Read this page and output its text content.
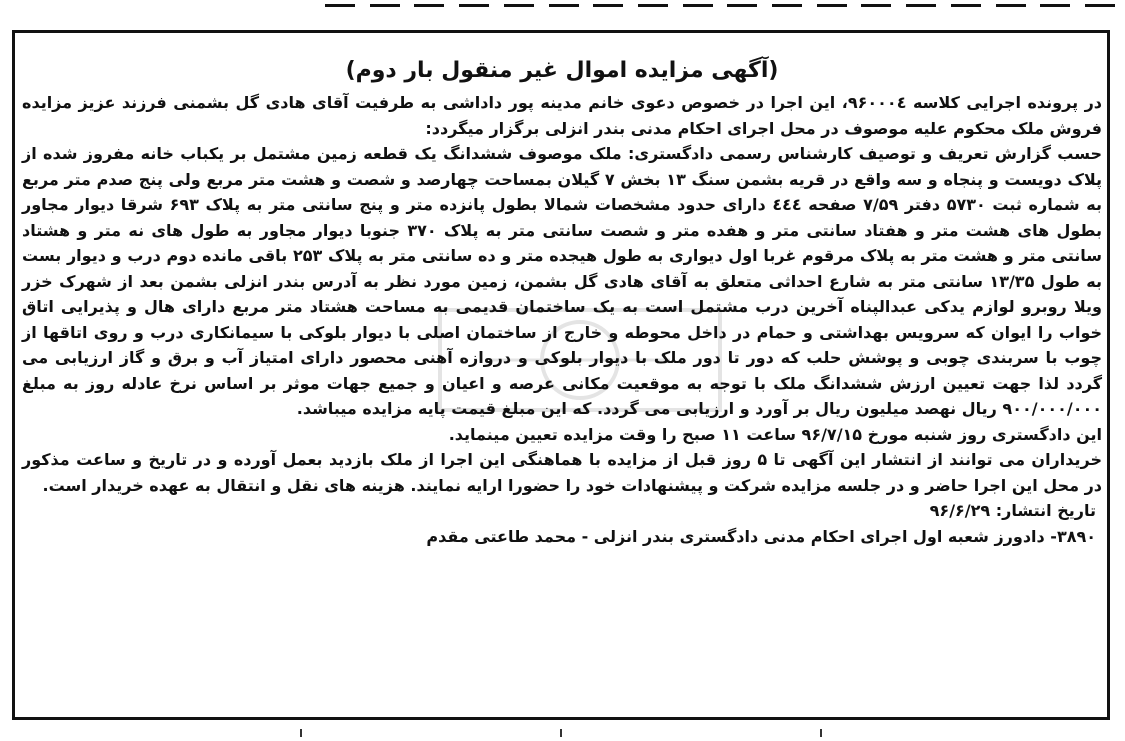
(آگهی مزایده اموال غیر منقول بار دوم)

در پرونده اجرایی کلاسه ۹۶۰۰۰٤، این اجرا در خصوص دعوی خانم مدینه پور داداشی به طرفیت آقای هادی گل بشمنی فرزند عزیز مزایده فروش ملک محکوم علیه موصوف در محل اجرای احکام مدنی بندر انزلی برگزار میگردد:

حسب گزارش تعریف و توصیف کارشناس رسمی دادگستری: ملک موصوف ششدانگ یک قطعه زمین مشتمل بر یکباب خانه مفروز شده از پلاک دویست و پنجاه و سه واقع در قریه بشمن سنگ ۱۳ بخش ۷ گیلان بمساحت چهارصد و شصت و هشت متر مربع ولی پنج صدم متر مربع به شماره ثبت ۵۷۳۰ دفتر ۷/۵۹ صفحه ٤٤٤ دارای حدود مشخصات شمالا بطول پانزده متر و پنج سانتی متر به پلاک ۶۹۳ شرقا دیوار مجاور بطول های هشت متر و هفتاد سانتی متر و هفده متر و شصت سانتی متر به پلاک ۳۷۰ جنوبا دیوار مجاور به طول های نه متر و هشتاد سانتی متر و هشت متر به پلاک مرقوم غربا اول دیواری به طول هیجده متر و ده سانتی متر به پلاک ۲۵۳ باقی مانده دوم درب و دیوار بست به طول ۱۳/۳۵ سانتی متر به شارع احداثی متعلق به آقای هادی گل بشمن، زمین مورد نظر به آدرس بندر انزلی بشمن بعد از شهرک خزر ویلا روبرو لوازم یدکی عبدالپناه آخرین درب مشتمل است به یک ساختمان قدیمی به مساحت هشتاد متر مربع دارای هال و پذیرایی اتاق خواب را ایوان که سرویس بهداشتی و حمام در داخل محوطه و خارج از ساختمان اصلی با دیوار بلوکی با سیمانکاری درب و روی اتاقها از چوب با سربندی چوبی و پوشش حلب که دور تا دور ملک با دیوار بلوکی و دروازه آهنی محصور دارای امتیاز آب و برق و گاز ارزیابی می گردد لذا جهت تعیین ارزش ششدانگ ملک با توجه به موقعیت مکانی عرصه و اعیان و جمیع جهات موثر بر اساس نرخ عادله روز به مبلغ ۹۰۰/۰۰۰/۰۰۰ ریال نهصد میلیون ریال بر آورد و ارزیابی می گردد. که این مبلغ قیمت پایه مزایده میباشد.

این دادگستری روز شنبه مورخ ۹۶/۷/۱۵ ساعت ۱۱ صبح را وقت مزایده تعیین مینماید.

خریداران می توانند از انتشار این آگهی تا ۵ روز قبل از مزایده با هماهنگی این اجرا از ملک بازدید بعمل آورده و در تاریخ و ساعت مذکور در محل این اجرا حاضر و در جلسه مزایده شرکت و پیشنهادات خود را حضورا ارایه نمایند. هزینه های نقل و انتقال به عهده خریدار است.

تاریخ انتشار: ۹۶/۶/۲۹

۳۸۹۰- دادورز شعبه اول اجرای احکام مدنی دادگستری بندر انزلی - محمد طاعتی مقدم
